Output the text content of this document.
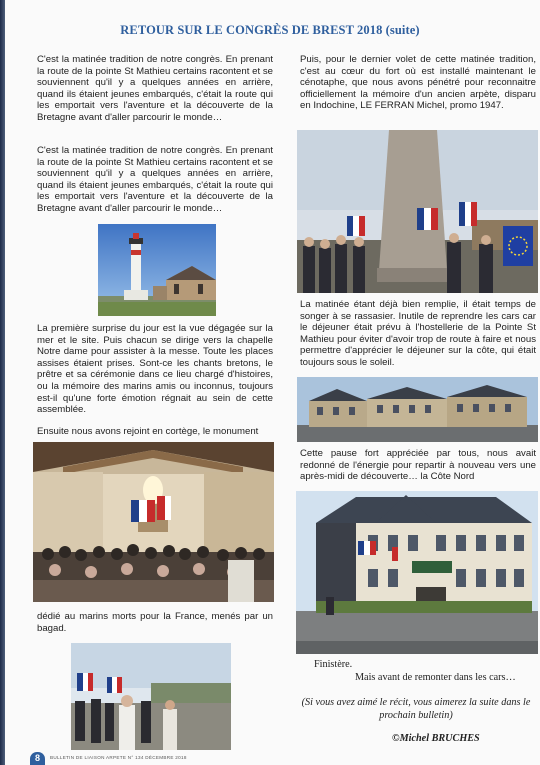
RETOUR SUR LE CONGRÈS DE BREST 2018 (suite)

C'est la matinée tradition de notre congrès. En prenant la route de la pointe St Mathieu certains racontent et se souviennent qu'il y a quelques années en arrière, quand ils étaient jeunes embarqués, c'était la route qui les emportait vers l'aventure et la découverte de la Bretagne avant d'aller parcourir le monde…

C'est la matinée tradition de notre congrès. En prenant la route de la pointe St Mathieu certains racontent et se souviennent qu'il y a quelques années en arrière, quand ils étaient jeunes embarqués, c'était la route qui les emportait vers l'aventure et la découverte de la Bretagne avant d'aller parcourir le monde…

La première surprise du jour est la vue dégagée sur la mer et le site. Puis chacun se dirige vers la chapelle Notre dame pour assister à la messe. Toute les places assises étaient prises. Sont-ce les chants bretons, le prêtre et sa cérémonie dans ce lieu chargé d'histoires, ou la mémoire des marins amis ou inconnus, toujours est-il qu'une forte émotion régnait au sein de cette assemblée.

Ensuite nous avons rejoint en cortège, le monument

dédié au marins morts pour la France, menés par un bagad.

Puis, pour le dernier volet de cette matinée tradition, c'est au cœur du fort où est installé maintenant le cénotaphe, que nous avons pénétré pour reconnaitre officiellement la mémoire d'un ancien arpète, disparu en Indochine, LE FERRAN Michel, promo 1947.

La matinée étant déjà bien remplie, il était temps de songer à se rassasier. Inutile de reprendre les cars car le déjeuner était prévu à l'hostellerie de la Pointe St Mathieu pour éviter d'avoir trop de route à faire et nous permettre d'apprécier le déjeuner sur la côte, qui était toujours sous le soleil.

Cette pause fort appréciée par tous, nous avait redonné de l'énergie pour repartir à nouveau vers une après-midi de découverte… la Côte Nord

Finistère.

Mais avant de remonter dans les cars…

(Si vous avez aimé le récit, vous aimerez la suite dans le prochain bulletin)

©Michel BRUCHES

8	BULLETIN DE LIAISON ARPETE N° 134 DÉCEMBRE 2018
